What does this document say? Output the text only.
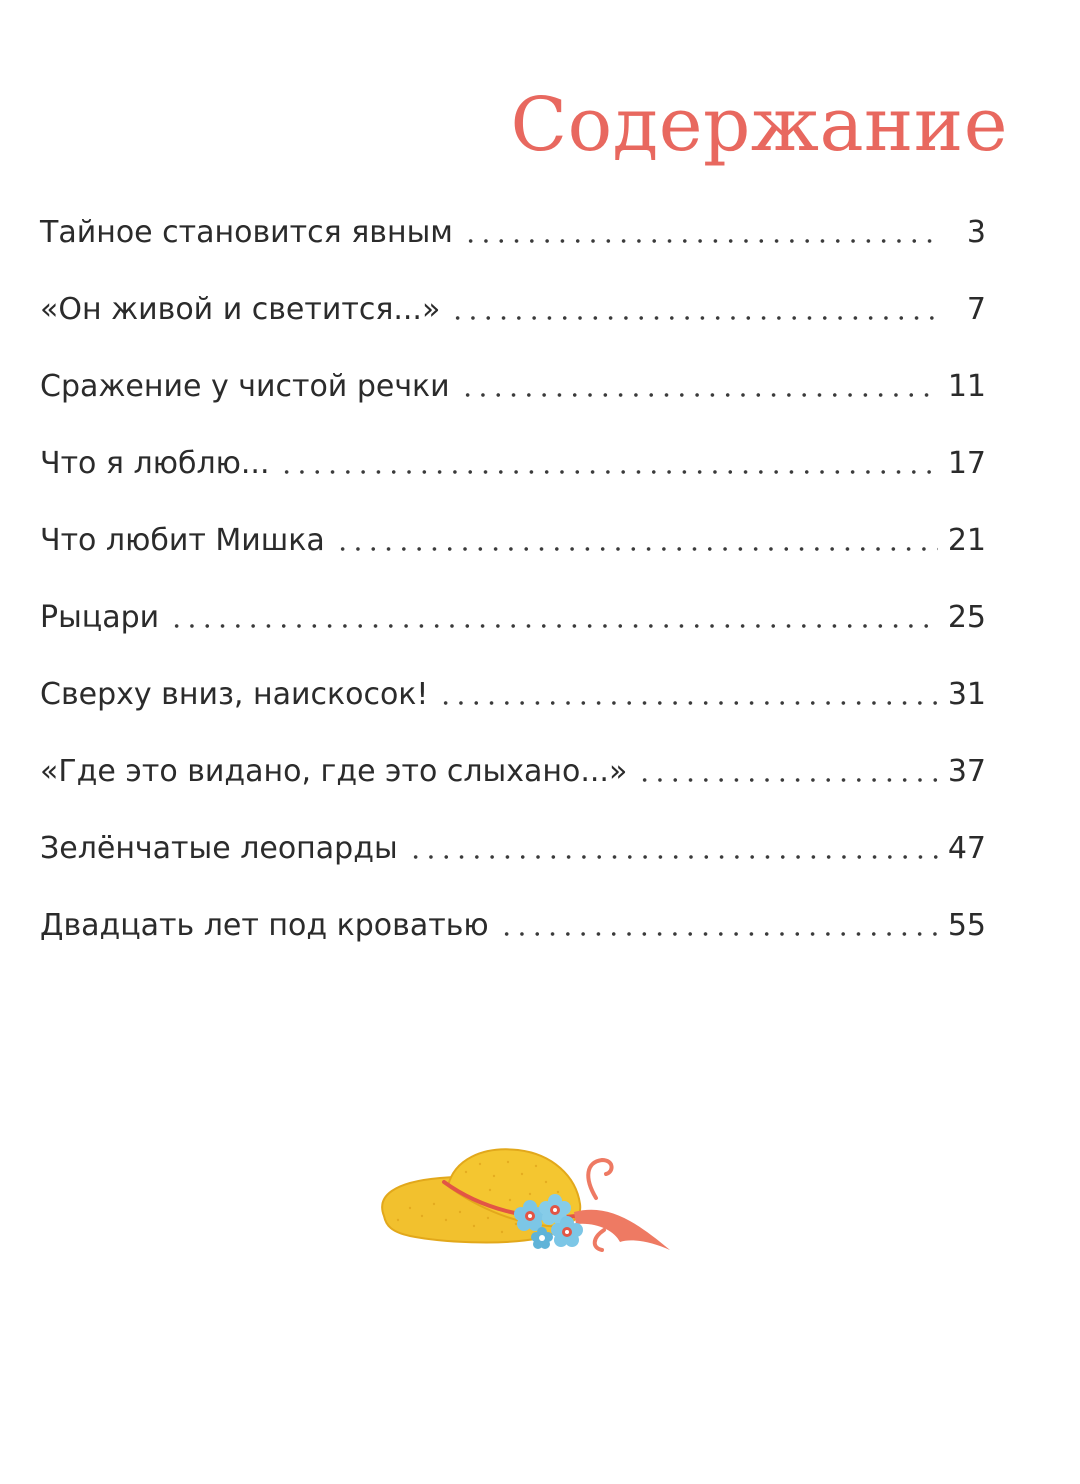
Содержание
Тайное становится явным	3
«Он живой и светится...»	7
Сражение у чистой речки	11
Что я люблю...	17
Что любит Мишка	21
Рыцари	25
Сверху вниз, наискосок!	31
«Где это видано, где это слыхано...»	37
Зелёнчатые леопарды	47
Двадцать лет под кроватью	55
